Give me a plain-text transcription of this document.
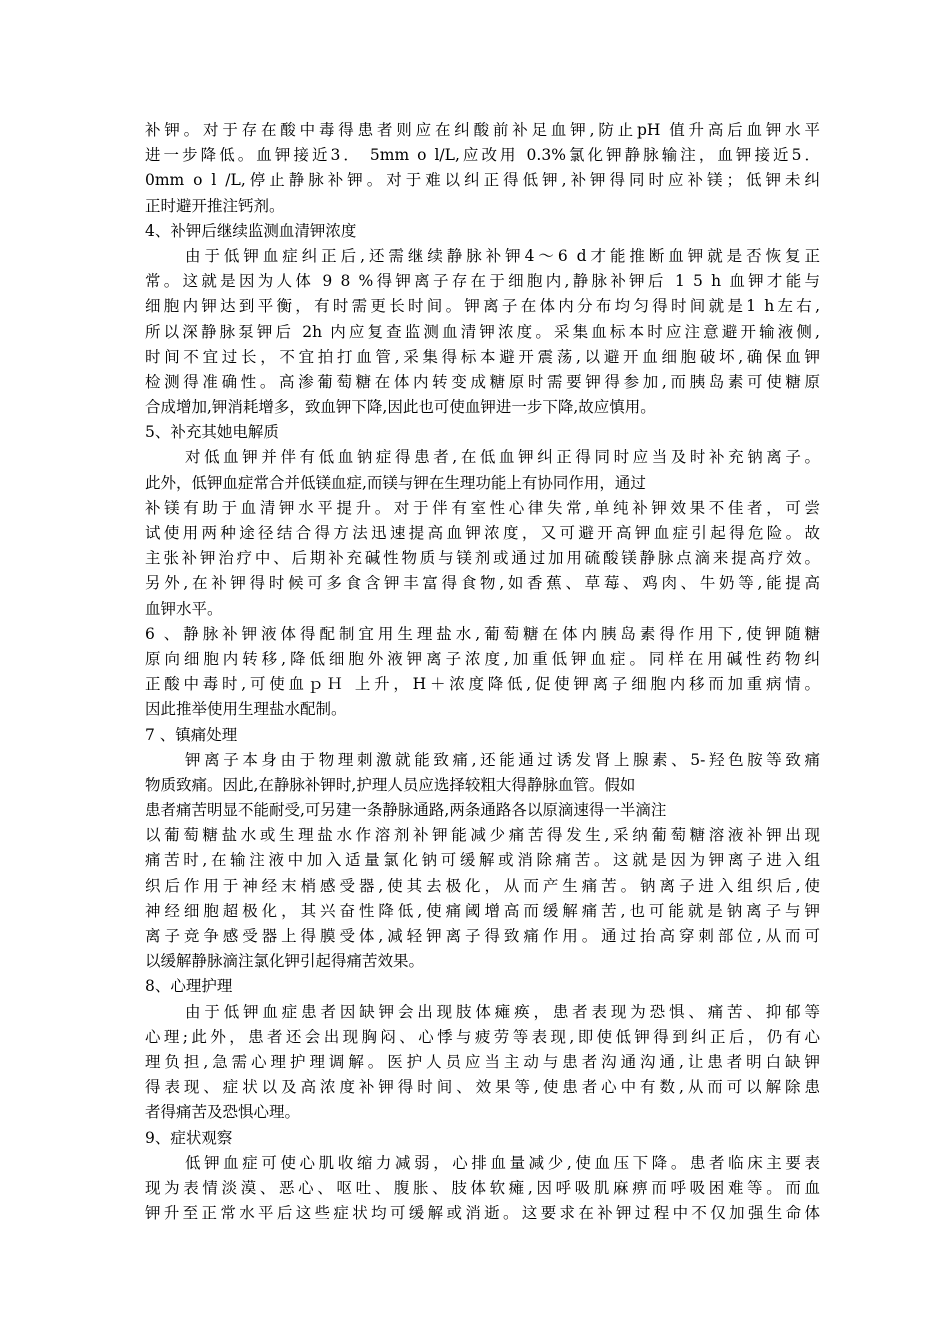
补钾。对于存在酸中毒得患者则应在纠酸前补足血钾,防止pH 值升高后血钾水平
进一步降低。血钾接近3． 5mm o l/L,应改用 0.3%氯化钾静脉输注，血钾接近5．
0mm o l /L,停止静脉补钾。对于难以纠正得低钾,补钾得同时应补镁；低钾未纠
正时避开推注钙剂。
4、补钾后继续监测血清钾浓度
由于低钾血症纠正后,还需继续静脉补钾4～6 d才能推断血钾就是否恢复正
常。这就是因为人体 9 8 %得钾离子存在于细胞内,静脉补钾后 1 5 h 血钾才能与
细胞内钾达到平衡，有时需更长时间。钾离子在体内分布均匀得时间就是1 h左右,
所以深静脉泵钾后 2h 内应复查监测血清钾浓度。采集血标本时应注意避开输液侧,
时间不宜过长，不宜拍打血管,采集得标本避开震荡,以避开血细胞破坏,确保血钾
检测得准确性。高渗葡萄糖在体内转变成糖原时需要钾得参加,而胰岛素可使糖原
合成增加,钾消耗增多，致血钾下降,因此也可使血钾进一步下降,故应慎用。
5、补充其她电解质
对低血钾并伴有低血钠症得患者,在低血钾纠正得同时应当及时补充钠离子。
此外，低钾血症常合并低镁血症,而镁与钾在生理功能上有协同作用，通过
补镁有助于血清钾水平提升。对于伴有室性心律失常,单纯补钾效果不佳者，可尝
试使用两种途径结合得方法迅速提高血钾浓度，又可避开高钾血症引起得危险。故
主张补钾治疗中、后期补充碱性物质与镁剂或通过加用硫酸镁静脉点滴来提高疗效。
另外,在补钾得时候可多食含钾丰富得食物,如香蕉、草莓、鸡肉、牛奶等,能提高
血钾水平。
6 、静脉补钾液体得配制宜用生理盐水,葡萄糖在体内胰岛素得作用下,使钾随糖
原向细胞内转移,降低细胞外液钾离子浓度,加重低钾血症。同样在用碱性药物纠
正酸中毒时,可使血ｐＨ 上升，H＋浓度降低,促使钾离子细胞内移而加重病情。
因此推举使用生理盐水配制。
7 、镇痛处理
钾离子本身由于物理刺激就能致痛,还能通过诱发肾上腺素、5-羟色胺等致痛
物质致痛。因此,在静脉补钾时,护理人员应选择较粗大得静脉血管。假如
患者痛苦明显不能耐受,可另建一条静脉通路,两条通路各以原滴速得一半滴注
以葡萄糖盐水或生理盐水作溶剂补钾能减少痛苦得发生,采纳葡萄糖溶液补钾出现
痛苦时,在输注液中加入适量氯化钠可缓解或消除痛苦。这就是因为钾离子进入组
织后作用于神经末梢感受器,使其去极化，从而产生痛苦。钠离子进入组织后,使
神经细胞超极化，其兴奋性降低,使痛阈增高而缓解痛苦,也可能就是钠离子与钾
离子竞争感受器上得膜受体,减轻钾离子得致痛作用。通过抬高穿刺部位,从而可
以缓解静脉滴注氯化钾引起得痛苦效果。
8、心理护理
由于低钾血症患者因缺钾会出现肢体瘫痪，患者表现为恐惧、痛苦、抑郁等
心理;此外，患者还会出现胸闷、心悸与疲劳等表现,即使低钾得到纠正后，仍有心
理负担,急需心理护理调解。医护人员应当主动与患者沟通沟通,让患者明白缺钾
得表现、症状以及高浓度补钾得时间、效果等,使患者心中有数,从而可以解除患
者得痛苦及恐惧心理。
9、症状观察
低钾血症可使心肌收缩力减弱，心排血量减少,使血压下降。患者临床主要表
现为表情淡漠、恶心、呕吐、腹胀、肢体软瘫,因呼吸肌麻痹而呼吸困难等。而血
钾升至正常水平后这些症状均可缓解或消逝。这要求在补钾过程中不仅加强生命体
